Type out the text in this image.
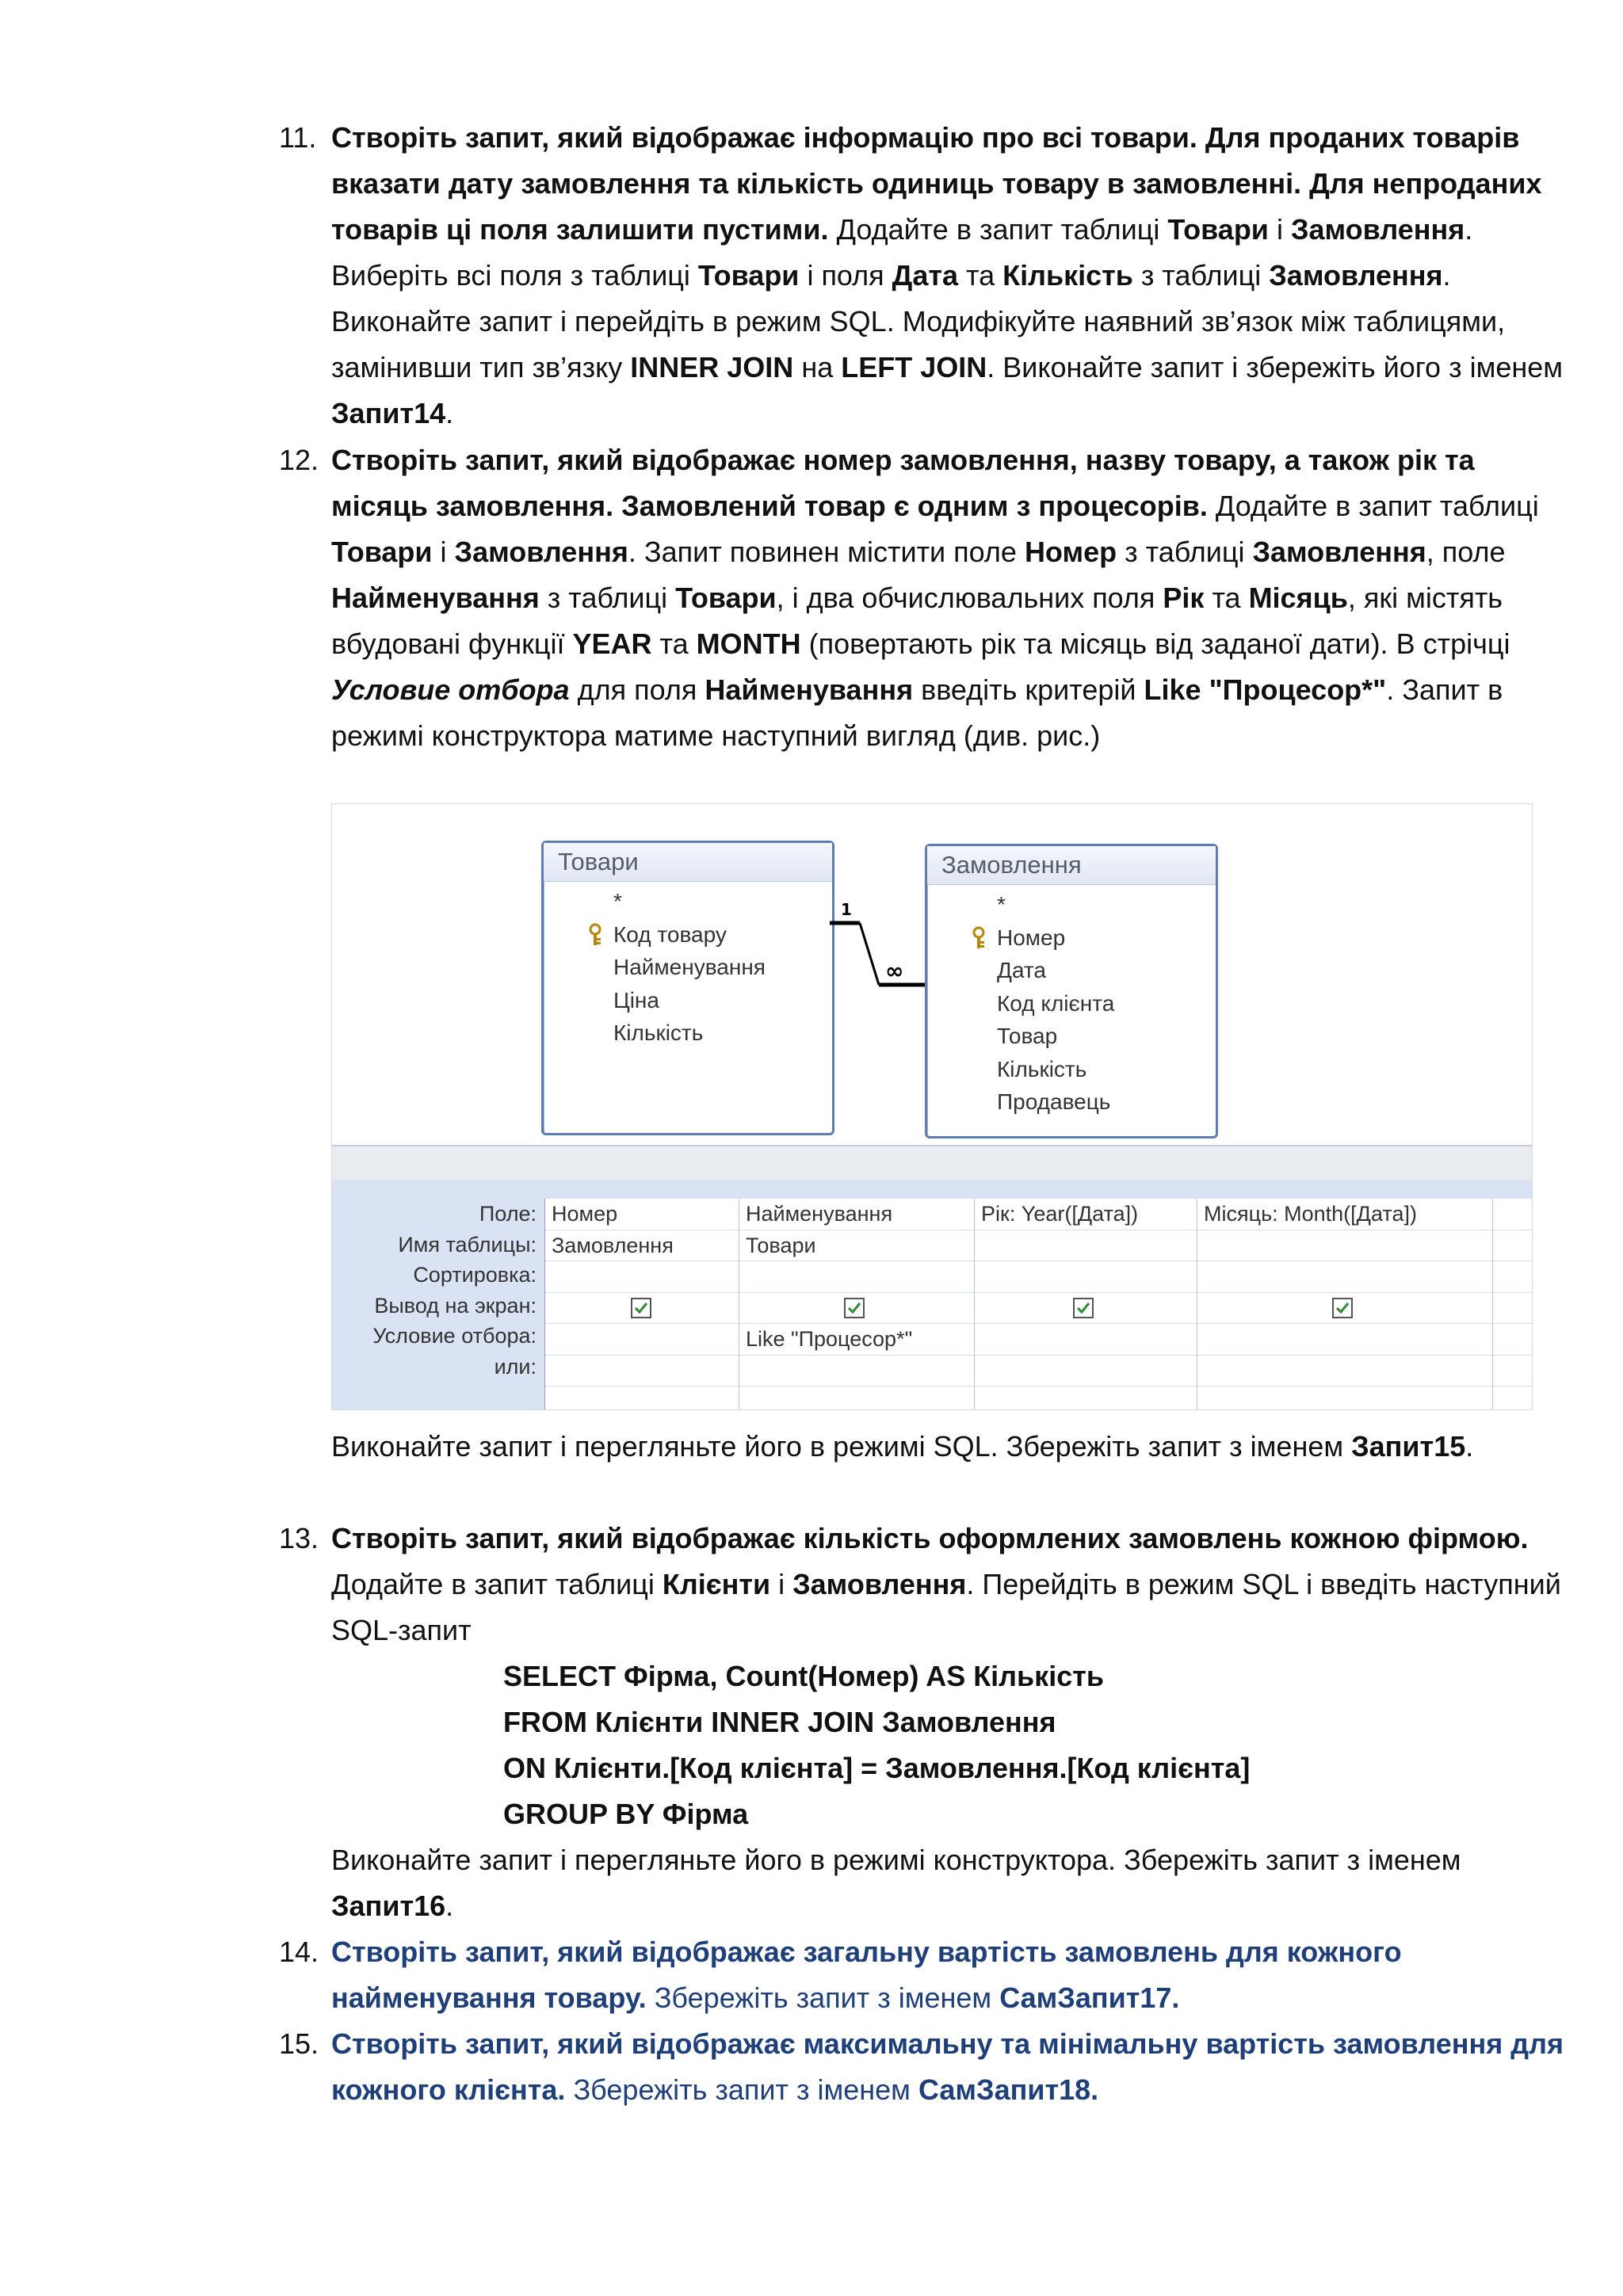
11. Створіть запит, який відображає інформацію про всі товари. Для проданих товарів вказати дату замовлення та кількість одиниць товару в замовленні. Для непроданих товарів ці поля залишити пустими. Додайте в запит таблиці Товари і Замовлення. Виберіть всі поля з таблиці Товари і поля Дата та Кількість з таблиці Замовлення. Виконайте запит і перейдіть в режим SQL. Модифікуйте наявний зв’язок між таблицями, замінивши тип зв’язку INNER JOIN на LEFT JOIN. Виконайте запит і збережіть його з іменем Запит14.

12. Створіть запит, який відображає номер замовлення, назву товару, а також рік та місяць замовлення. Замовлений товар є одним з процесорів. Додайте в запит таблиці Товари і Замовлення. Запит повинен містити поле Номер з таблиці Замовлення, поле Найменування з таблиці Товари, і два обчислювальних поля Рік та Місяць, які містять вбудовані функції YEAR та MONTH (повертають рік та місяць від заданої дати). В стрічці Условие отбора для поля Найменування введіть критерій Like "Процесор*". Запит в режимі конструктора матиме наступний вигляд (див. рис.)

Товари
*
Код товару
Найменування
Ціна
Кількість
Замовлення
*
Номер
Дата
Код клієнта
Товар
Кількість
Продавець
1
∞
Поле:
Имя таблицы:
Сортировка:
Вывод на экран:
Условие отбора:
или:
Номер
Замовлення
Найменування
Товари
Like "Процесор*"
Рік: Year([Дата])	Місяць: Month([Дата])

Виконайте запит і перегляньте його в режимі SQL. Збережіть запит з іменем Запит15.

13. Створіть запит, який відображає кількість оформлених замовлень кожною фірмою. Додайте в запит таблиці Клієнти і Замовлення. Перейдіть в режим SQL і введіть наступний SQL-запит

SELECT Фірма, Count(Номер) AS Кількість
FROM Клієнти INNER JOIN Замовлення
ON Клієнти.[Код клієнта] = Замовлення.[Код клієнта]
GROUP BY Фірма

Виконайте запит і перегляньте його в режимі конструктора. Збережіть запит з іменем Запит16.

14. Створіть запит, який відображає загальну вартість замовлень для кожного найменування товару. Збережіть запит з іменем СамЗапит17.

15. Створіть запит, який відображає максимальну та мінімальну вартість замовлення для кожного клієнта. Збережіть запит з іменем СамЗапит18.
